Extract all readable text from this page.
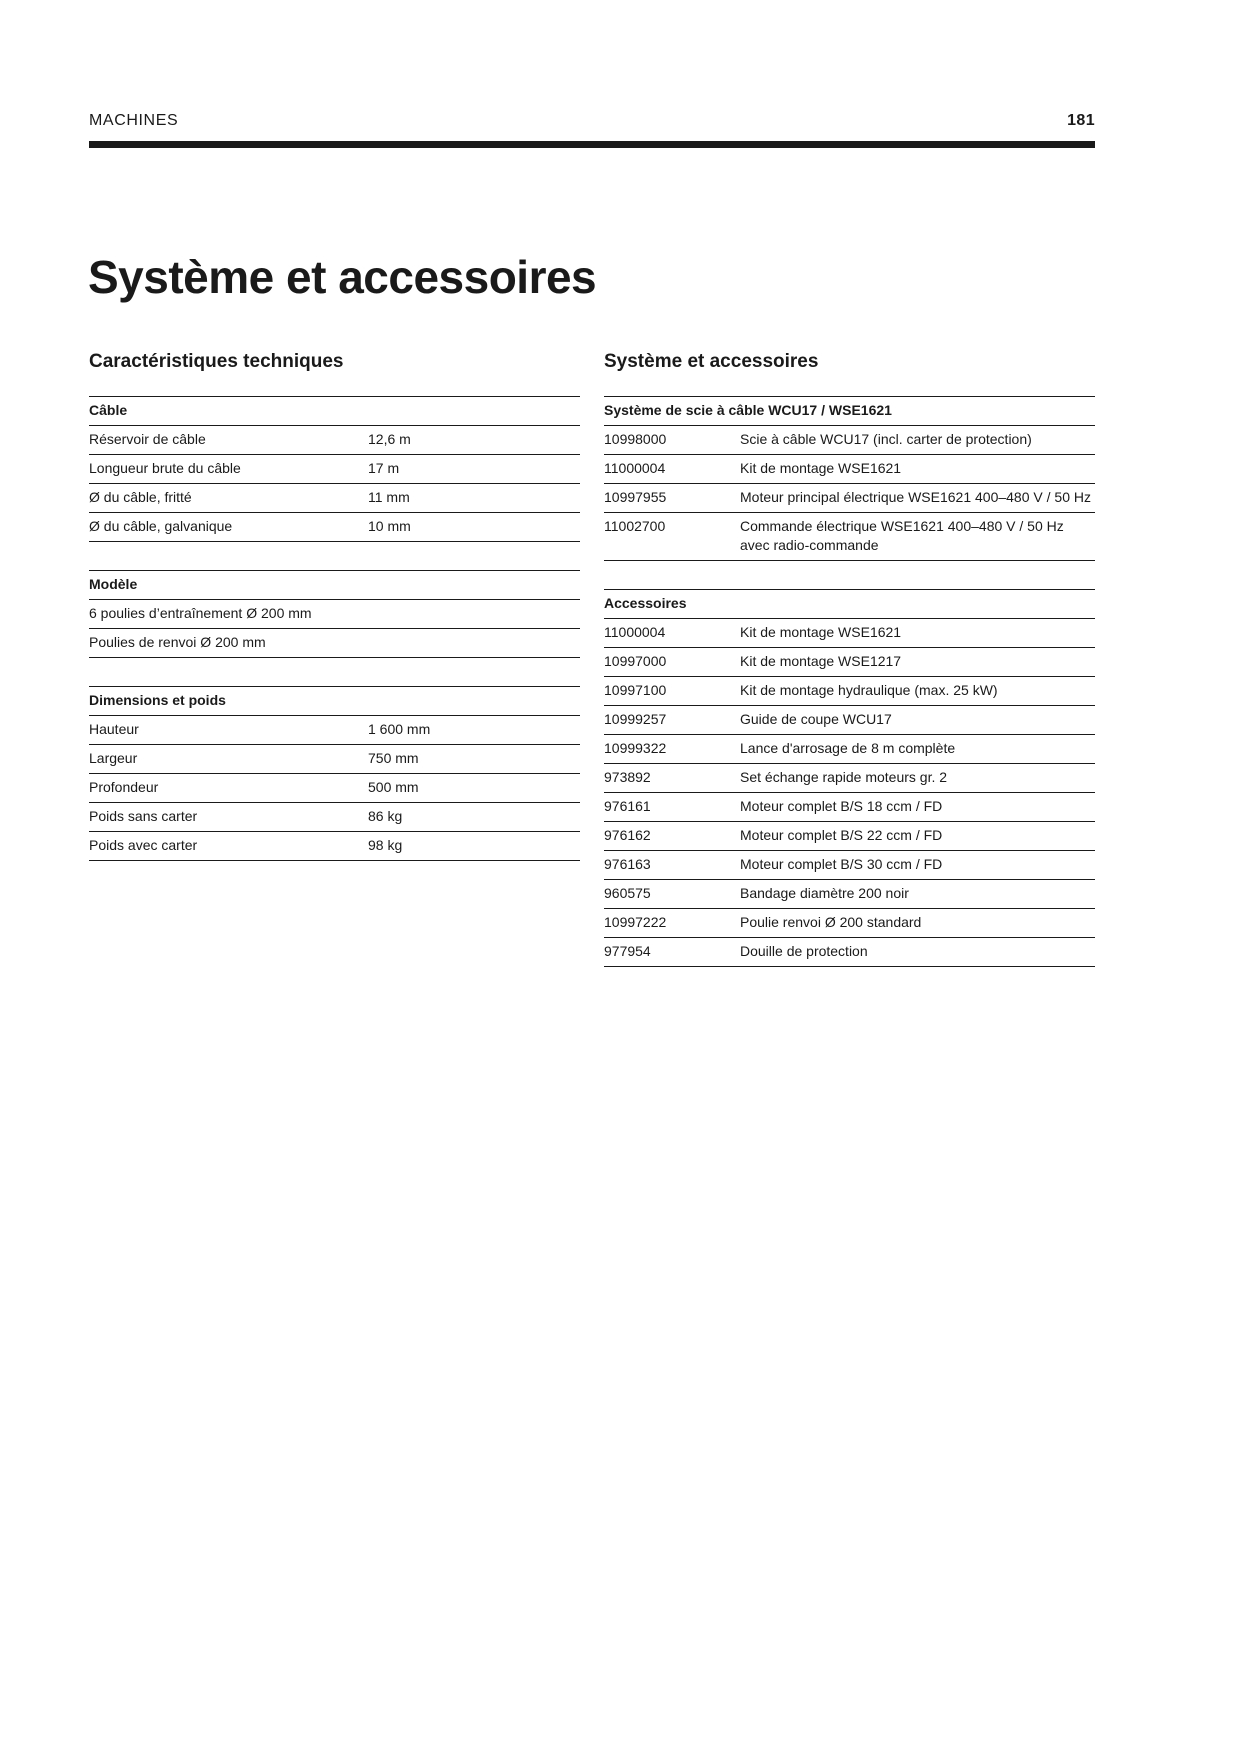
MACHINES	181
Système et accessoires
Caractéristiques techniques
Câble
Réservoir de câble	12,6 m
Longueur brute du câble	17 m
Ø du câble, fritté	11 mm
Ø du câble, galvanique	10 mm
Modèle
6 poulies d’entraînement Ø 200 mm
Poulies de renvoi Ø 200 mm
Dimensions et poids
Hauteur	1 600 mm
Largeur	750 mm
Profondeur	500 mm
Poids sans carter	86 kg
Poids avec carter	98 kg
Système et accessoires
Système de scie à câble WCU17 / WSE1621
10998000	Scie à câble WCU17 (incl. carter de protection)
11000004	Kit de montage WSE1621
10997955	Moteur principal électrique WSE1621 400–480 V / 50 Hz
11002700	Commande électrique WSE1621 400–480 V / 50 Hz avec radio-commande
Accessoires
11000004	Kit de montage WSE1621
10997000	Kit de montage WSE1217
10997100	Kit de montage hydraulique (max. 25 kW)
10999257	Guide de coupe WCU17
10999322	Lance d'arrosage de 8 m complète
973892	Set échange rapide moteurs gr. 2
976161	Moteur complet B/S 18 ccm / FD
976162	Moteur complet B/S 22 ccm / FD
976163	Moteur complet B/S 30 ccm / FD
960575	Bandage diamètre 200 noir
10997222	Poulie renvoi Ø 200 standard
977954	Douille de protection
